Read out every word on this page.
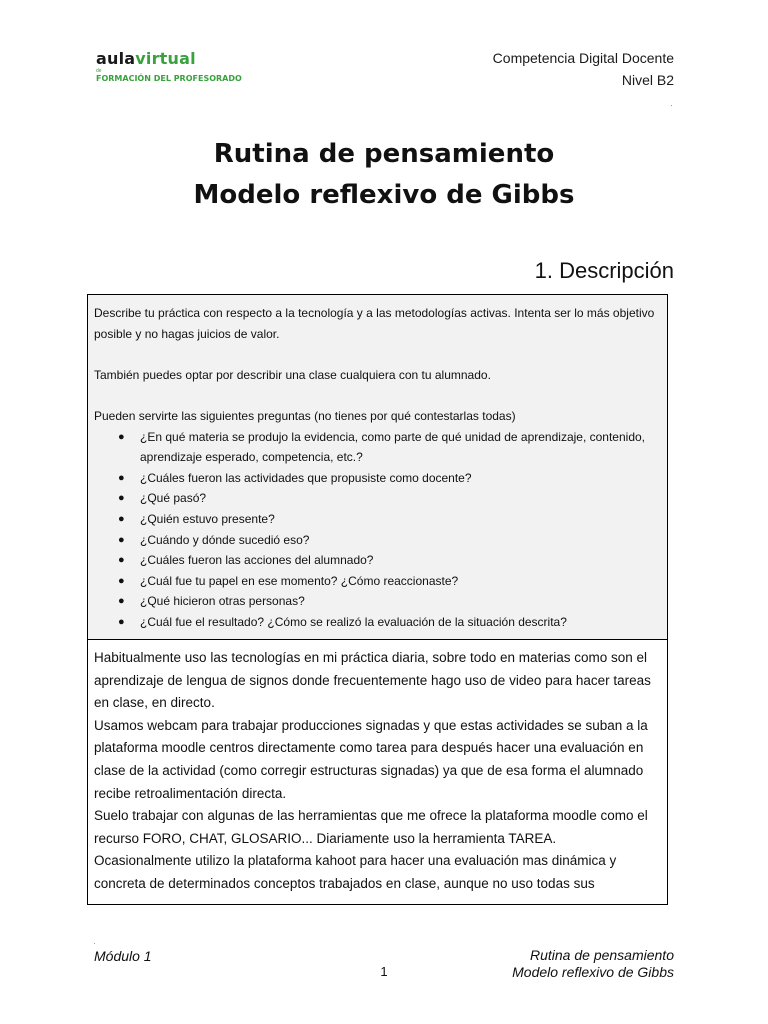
aulavirtual
de
FORMACIÓN DEL PROFESORADO
Competencia Digital Docente
Nivel B2
Rutina de pensamiento
Modelo reflexivo de Gibbs
1. Descripción

Describe tu práctica con respecto a la tecnología y a las metodologías activas. Intenta ser lo más objetivo posible y no hagas juicios de valor.

También puedes optar por describir una clase cualquiera con tu alumnado.

Pueden servirte las siguientes preguntas (no tienes por qué contestarlas todas)

● ¿En qué materia se produjo la evidencia, como parte de qué unidad de aprendizaje, contenido, aprendizaje esperado, competencia, etc.?
● ¿Cuáles fueron las actividades que propusiste como docente?
● ¿Qué pasó?
● ¿Quién estuvo presente?
● ¿Cuándo y dónde sucedió eso?
● ¿Cuáles fueron las acciones del alumnado?
● ¿Cuál fue tu papel en ese momento? ¿Cómo reaccionaste?
● ¿Qué hicieron otras personas?
● ¿Cuál fue el resultado? ¿Cómo se realizó la evaluación de la situación descrita?

Habitualmente uso las tecnologías en mi práctica diaria, sobre todo en materias como son el aprendizaje de lengua de signos donde frecuentemente hago uso de video para hacer tareas en clase, en directo.

Usamos webcam para trabajar producciones signadas y que estas actividades se suban a la plataforma moodle centros directamente como tarea para después hacer una evaluación en clase de la actividad (como corregir estructuras signadas) ya que de esa forma el alumnado recibe retroalimentación directa.

Suelo trabajar con algunas de las herramientas que me ofrece la plataforma moodle como el recurso FORO, CHAT, GLOSARIO... Diariamente uso la herramienta TAREA.

Ocasionalmente utilizo la plataforma kahoot para hacer una evaluación mas dinámica y concreta de determinados conceptos trabajados en clase, aunque no uso todas sus

Módulo 1
1
Rutina de pensamiento
Modelo reflexivo de Gibbs
